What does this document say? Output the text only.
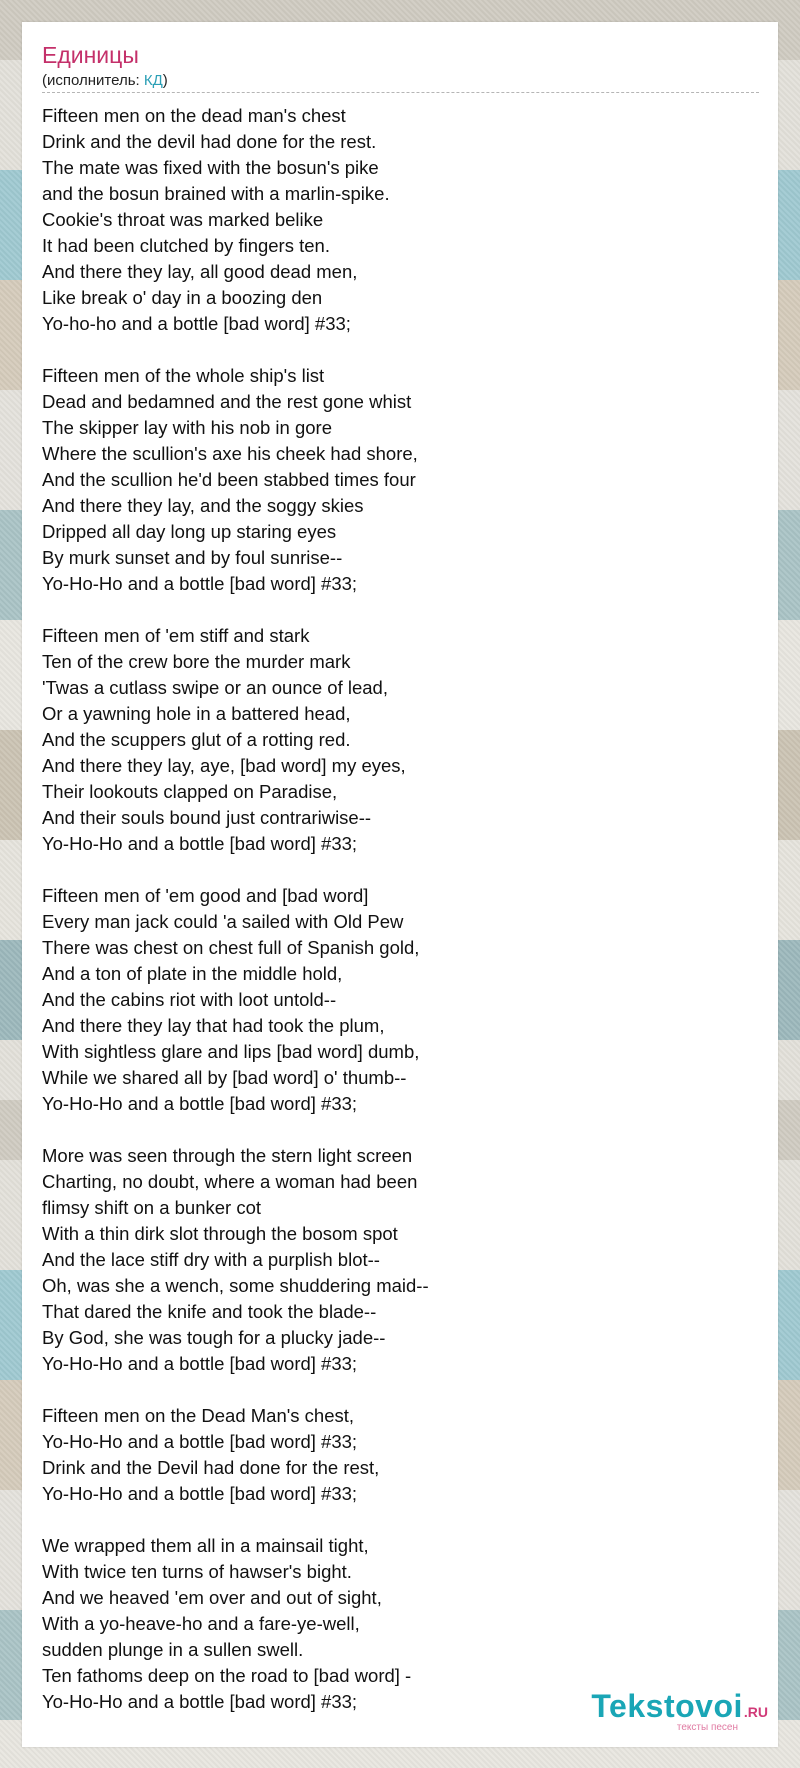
Единицы
(исполнитель: КД)
Fifteen men on the dead man's chest
Drink and the devil had done for the rest.
The mate was fixed with the bosun's pike
and the bosun brained with a marlin-spike.
Cookie's throat was marked belike
It had been clutched by fingers ten.
And there they lay, all good dead men,
Like break o' day in a boozing den
Yo-ho-ho and a bottle [bad word] #33;
Fifteen men of the whole ship's list
Dead and bedamned and the rest gone whist
The skipper lay with his nob in gore
Where the scullion's axe his cheek had shore,
And the scullion he'd been stabbed times four
And there they lay, and the soggy skies
Dripped all day long up staring eyes
By murk sunset and by foul sunrise--
Yo-Ho-Ho and a bottle [bad word] #33;
Fifteen men of 'em stiff and stark
Ten of the crew bore the murder mark
'Twas a cutlass swipe or an ounce of lead,
Or a yawning hole in a battered head,
And the scuppers glut of a rotting red.
And there they lay, aye, [bad word] my eyes,
Their lookouts clapped on Paradise,
And their souls bound just contrariwise--
Yo-Ho-Ho and a bottle [bad word] #33;
Fifteen men of 'em good and [bad word]
Every man jack could 'a sailed with Old Pew
There was chest on chest full of Spanish gold,
And a ton of plate in the middle hold,
And the cabins riot with loot untold--
And there they lay that had took the plum,
With sightless glare and lips [bad word] dumb,
While we shared all by [bad word] o' thumb--
Yo-Ho-Ho and a bottle [bad word] #33;
More was seen through the stern light screen
Charting, no doubt, where a woman had been
flimsy shift on a bunker cot
With a thin dirk slot through the bosom spot
And the lace stiff dry with a purplish blot--
Oh, was she a wench, some shuddering maid--
That dared the knife and took the blade--
By God, she was tough for a plucky jade--
Yo-Ho-Ho and a bottle [bad word] #33;
Fifteen men on the Dead Man's chest,
Yo-Ho-Ho and a bottle [bad word] #33;
Drink and the Devil had done for the rest,
Yo-Ho-Ho and a bottle [bad word] #33;
We wrapped them all in a mainsail tight,
With twice ten turns of hawser's bight.
And we heaved 'em over and out of sight,
With a yo-heave-ho and a fare-ye-well,
sudden plunge in a sullen swell.
Ten fathoms deep on the road to [bad word] -
Yo-Ho-Ho and a bottle [bad word] #33;	Tekstovoi.RU
тексты песен
